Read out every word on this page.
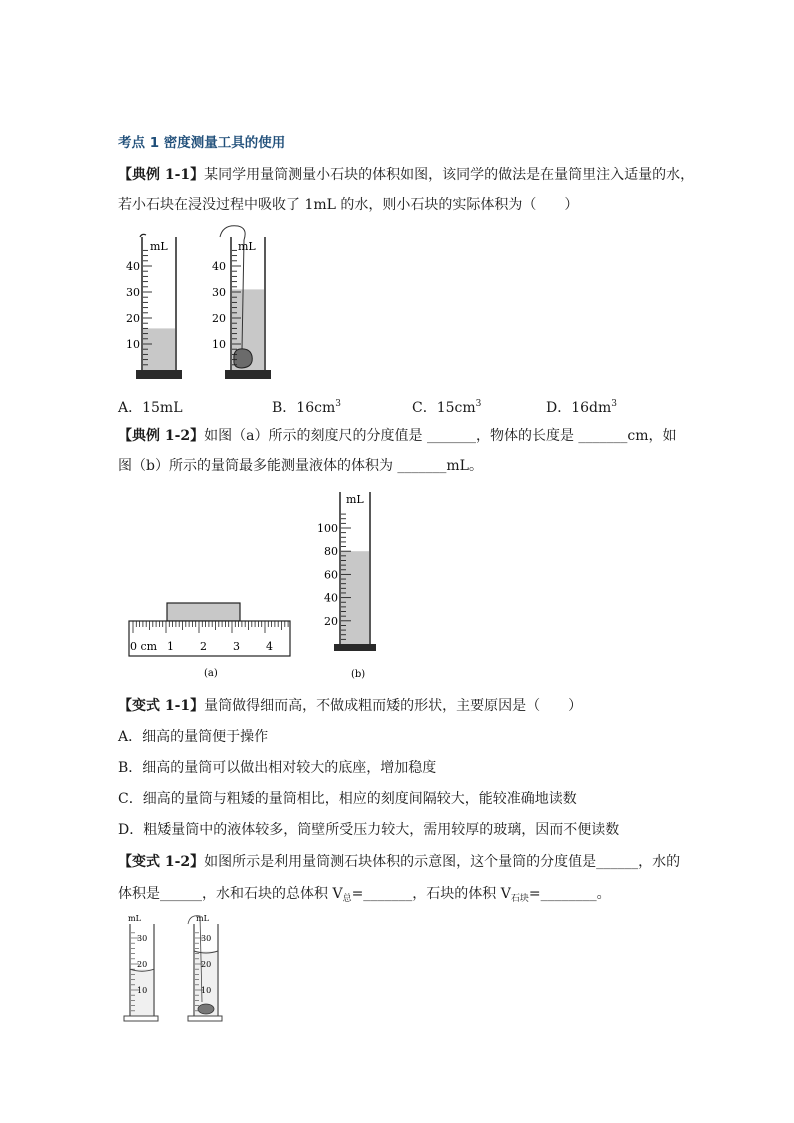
考点 1 密度测量工具的使用
【典例 1-1】某同学用量筒测量小石块的体积如图，该同学的做法是在量筒里注入适量的水，
若小石块在浸没过程中吸收了 1mL 的水，则小石块的实际体积为（　　）
mL
40
30
20
10
mL
40
30
20
10
A．15mL	B．$16cm^3$	C．$15cm^3$	D．$16dm^3$
【典例 1-2】如图（a）所示的刻度尺的分度值是 _______，物体的长度是 _______cm，如
图（b）所示的量筒最多能测量液体的体积为 _______mL。
0 cm 1 2 3 4
(a)
mL
100
80
60
40
20
(b)
【变式 1-1】量筒做得细而高，不做成粗而矮的形状，主要原因是（　　）
A．细高的量筒便于操作
B．细高的量筒可以做出相对较大的底座，增加稳度
C．细高的量筒与粗矮的量筒相比，相应的刻度间隔较大，能较准确地读数
D．粗矮量筒中的液体较多，筒壁所受压力较大，需用较厚的玻璃，因而不便读数
【变式 1-2】如图所示是利用量筒测石块体积的示意图，这个量筒的分度值是______，水的
体积是______，水和石块的总体积 $V_总=\_\_\_\_\_\_\_$，石块的体积 $V_{石块}=\_\_\_\_\_\_\_\_$。
mL
30
20
10
mL
30
20
10
